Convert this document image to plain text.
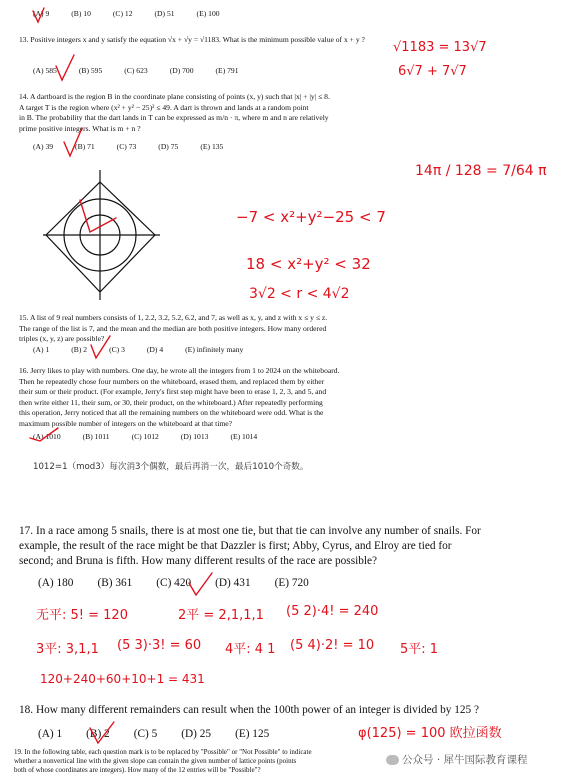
(A) 9	(B) 10	(C) 12	(D) 51	(E) 100
13. Positive integers x and y satisfy the equation √x + √y = √1183. What is the minimum possible value of x + y ?
(A) 585	(B) 595	(C) 623	(D) 700	(E) 791
√1183 = 13√7
6√7 + 7√7
14. A dartboard is the region B in the coordinate plane consisting of points (x, y) such that |x| + |y| ≤ 8.
A target T is the region where (x² + y² − 25)² ≤ 49. A dart is thrown and lands at a random point
in B. The probability that the dart lands in T can be expressed as m/n · π, where m and n are relatively
prime positive integers. What is m + n ?
(A) 39	(B) 71	(C) 73	(D) 75	(E) 135
14π / 128 = 7/64 π
−7 < x²+y²−25 < 7
18 < x²+y² < 32
3√2 < r < 4√2
15. A list of 9 real numbers consists of 1, 2.2, 3.2, 5.2, 6.2, and 7, as well as x, y, and z with x ≤ y ≤ z.
The range of the list is 7, and the mean and the median are both positive integers. How many ordered
triples (x, y, z) are possible?
(A) 1	(B) 2	(C) 3	(D) 4	(E) infinitely many
16. Jerry likes to play with numbers. One day, he wrote all the integers from 1 to 2024 on the whiteboard.
Then he repeatedly chose four numbers on the whiteboard, erased them, and replaced them by either
their sum or their product. (For example, Jerry's first step might have been to erase 1, 2, 3, and 5, and
then write either 11, their sum, or 30, their product, on the whiteboard.) After repeatedly performing
this operation, Jerry noticed that all the remaining numbers on the whiteboard were odd. What is the
maximum possible number of integers on the whiteboard at that time?
(A) 1010	(B) 1011	(C) 1012	(D) 1013	(E) 1014
1012=1（mod3）每次消3个偶数，最后再消一次，最后1010个奇数。
17. In a race among 5 snails, there is at most one tie, but that tie can involve any number of snails. For
example, the result of the race might be that Dazzler is first; Abby, Cyrus, and Elroy are tied for
second; and Bruna is fifth. How many different results of the race are possible?
(A) 180 (B) 361 (C) 420 (D) 431 (E) 720
无平: 5! = 120	2平 = 2,1,1,1 (5 2)·4! = 240
3平: 3,1,1 (5 3)·3! = 60 4平: 4 1 (5 4)·2! = 10 5平: 1
120+240+60+10+1 = 431
18. How many different remainders can result when the 100th power of an integer is divided by 125 ?
(A) 1 (B) 2 (C) 5 (D) 25 (E) 125	φ(125) = 100 欧拉函数
19. In the following table, each question mark is to be replaced by "Possible" or "Not Possible" to indicate
whether a nonvertical line with the given slope can contain the given number of lattice points (points
both of whose coordinates are integers). How many of the 12 entries will be "Possible"?
公众号 · 犀牛国际教育课程
